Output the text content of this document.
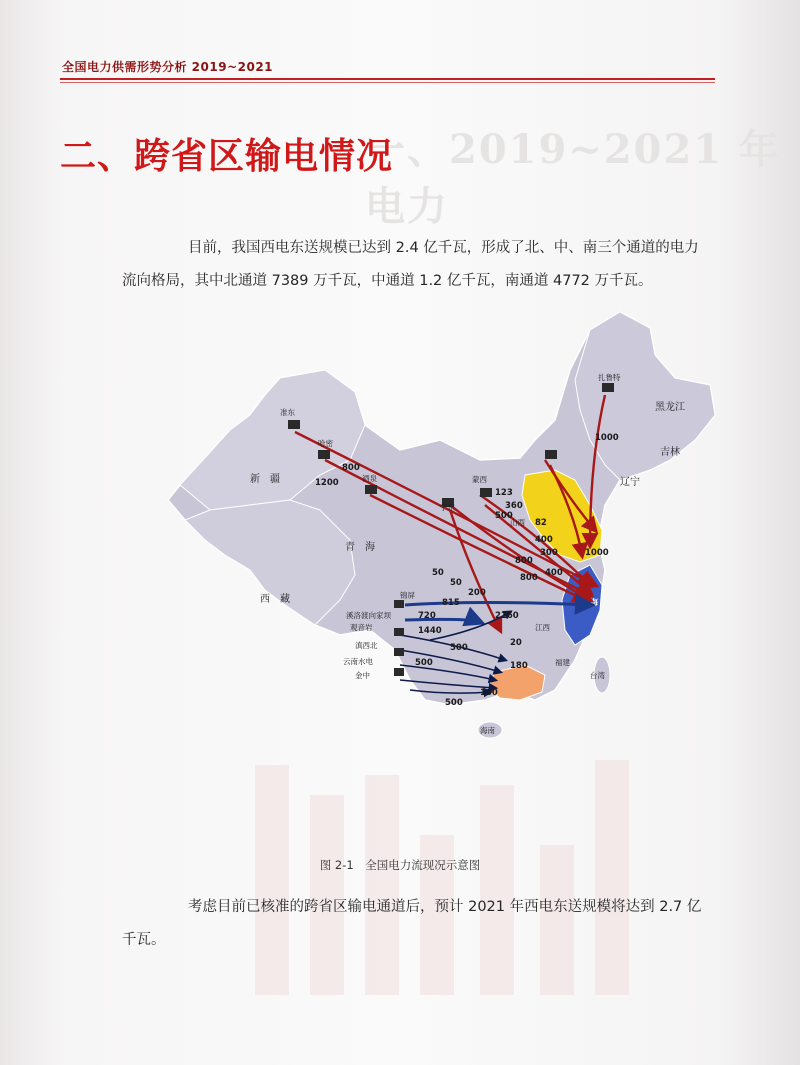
全国电力供需形势分析 2019~2021
一、2019~2021 年电力
二、跨省区输电情况
目前，我国西电东送规模已达到 2.4 亿千瓦，形成了北、中、南三个通道的电力
流向格局，其中北通道 7389 万千瓦，中通道 1.2 亿千瓦，南通道 4772 万千瓦。
新　疆
西　藏
青　海
黑龙江
吉林
辽宁
台湾
海南
福建
江西
海
准东
哈密
酒泉
扎鲁特
蒙西
宁东
山西
锦屏
溪洛渡向家坝
观音岩
滇西北
云南水电
金中
1200
800
1000
1000
123
360
500
82
400
300
800
800 400
50
200
720
815
1440
2160
500
180
160
500
500
50
20
图 2-1　全国电力流现况示意图
考虑目前已核准的跨省区输电通道后，预计 2021 年西电东送规模将达到 2.7 亿
千瓦。
